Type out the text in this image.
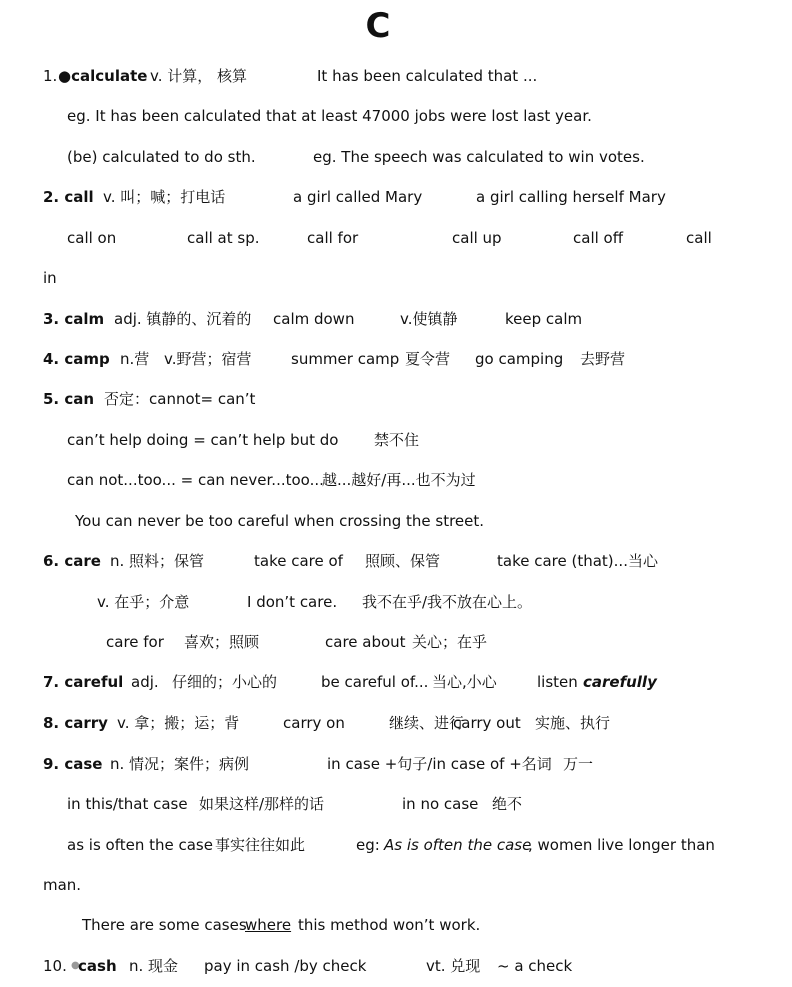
C
1. ●calculate v. 计算， 核算	It has been calculated that ...
eg. It has been calculated that at least 47000 jobs were lost last year.
(be) calculated to do sth.	eg. The speech was calculated to win votes.
2. call v. 叫；喊；打电话	a girl called Mary	a girl calling herself Mary
call on	call at sp.	call for	call up	call off	call
in
3. calm adj. 镇静的、沉着的 calm down	v.使镇静	keep calm
4. camp n.营 v.野营；宿营	summer camp 夏令营 go camping 去野营
5. can 否定：cannot= can’t
can’t help doing = can’t help but do 禁不住
can not...too... = can never...too...
越...越好/再...也不为过
You can never be too careful when crossing the street.
6. care n. 照料；保管	take care of 照顾、保管	take care (that)...当心
v. 在乎；介意	I don’t care. 我不在乎/我不放在心上。
care for 喜欢；照顾	care about 关心；在乎
7. careful adj. 仔细的；小心的	be careful of... 当心,小心	listen carefully
8. carry v. 拿；搬；运；背	carry on	继续、进行
carry out 实施、执行
9. case n. 情况；案件；病例	in case +句子/in case of +名词 万一
in this/that case 如果这样/那样的话	in no case 绝不
as is often the case 事实往往如此	eg: As is often the case
, women live longer than
man.
There are some cases
where this method won’t work.
10. ●
cash n. 现金 pay in cash /by check	vt. 兑现 ~ a check
